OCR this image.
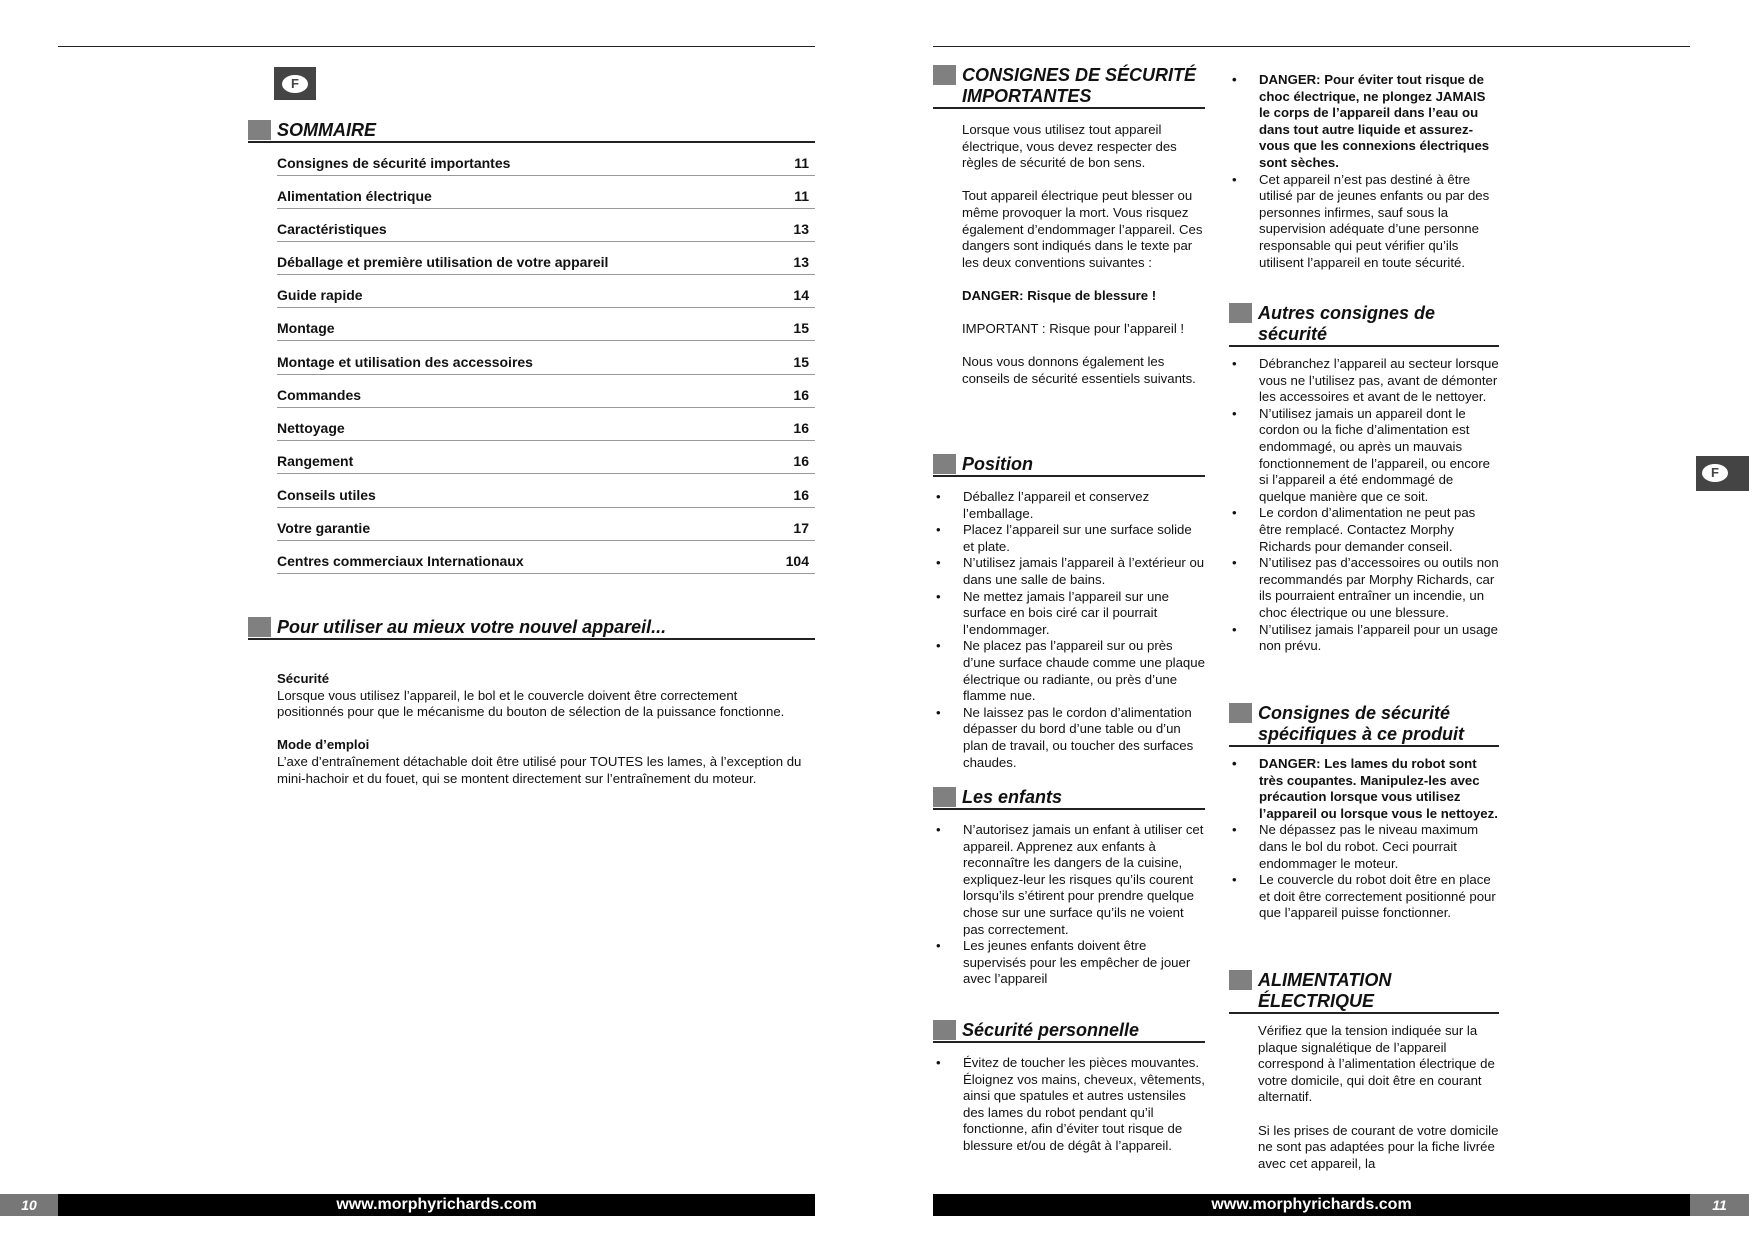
F
SOMMAIRE
Consignes de sécurité importantes	11
Alimentation électrique	11
Caractéristiques	13
Déballage et première utilisation de votre appareil	13
Guide rapide	14
Montage	15
Montage et utilisation des accessoires	15
Commandes	16
Nettoyage	16
Rangement	16
Conseils utiles	16
Votre garantie	17
Centres commerciaux Internationaux	104
Pour utiliser au mieux votre nouvel appareil...

Sécurité

Lorsque vous utilisez l’appareil, le bol et le couvercle doivent être correctement positionnés pour que le mécanisme du bouton de sélection de la puissance fonctionne.

Mode d’emploi

L’axe d’entraînement détachable doit être utilisé pour TOUTES les lames, à l’exception du mini-hachoir et du fouet, qui se montent directement sur l’entraînement du moteur.

10	www.morphyrichards.com
CONSIGNES DE SÉCURITÉ
IMPORTANTES

Lorsque vous utilisez tout appareil électrique, vous devez respecter des règles de sécurité de bon sens.

Tout appareil électrique peut blesser ou même provoquer la mort. Vous risquez également d’endommager l’appareil. Ces dangers sont indiqués dans le texte par les deux conventions suivantes :

DANGER: Risque de blessure !

IMPORTANT : Risque pour l’appareil !

Nous vous donnons également les conseils de sécurité essentiels suivants.

Position
• Déballez l’appareil et conservez l’emballage.
• Placez l’appareil sur une surface solide et plate.
• N’utilisez jamais l’appareil à l’extérieur ou dans une salle de bains.
• Ne mettez jamais l’appareil sur une surface en bois ciré car il pourrait l’endommager.
• Ne placez pas l’appareil sur ou près d’une surface chaude comme une plaque électrique ou radiante, ou près d’une flamme nue.
• Ne laissez pas le cordon d’alimentation dépasser du bord d’une table ou d’un plan de travail, ou toucher des surfaces chaudes.
Les enfants
• N’autorisez jamais un enfant à utiliser cet appareil. Apprenez aux enfants à reconnaître les dangers de la cuisine, expliquez-leur les risques qu’ils courent lorsqu’ils s’étirent pour prendre quelque chose sur une surface qu’ils ne voient pas correctement.
• Les jeunes enfants doivent être supervisés pour les empêcher de jouer avec l’appareil
Sécurité personnelle
• Évitez de toucher les pièces mouvantes. Éloignez vos mains, cheveux, vêtements, ainsi que spatules et autres ustensiles des lames du robot pendant qu’il fonctionne, afin d’éviter tout risque de blessure et/ou de dégât à l’appareil.
• DANGER: Pour éviter tout risque de choc électrique, ne plongez JAMAIS le corps de l’appareil dans l’eau ou dans tout autre liquide et assurez-vous que les connexions électriques sont sèches.
• Cet appareil n’est pas destiné à être utilisé par de jeunes enfants ou par des personnes infirmes, sauf sous la supervision adéquate d’une personne responsable qui peut vérifier qu’ils utilisent l’appareil en toute sécurité.
Autres consignes de
sécurité
• Débranchez l’appareil au secteur lorsque vous ne l’utilisez pas, avant de démonter les accessoires et avant de le nettoyer.
• N’utilisez jamais un appareil dont le cordon ou la fiche d’alimentation est endommagé, ou après un mauvais fonctionnement de l’appareil, ou encore si l’appareil a été endommagé de quelque manière que ce soit.
• Le cordon d’alimentation ne peut pas être remplacé. Contactez Morphy Richards pour demander conseil.
• N’utilisez pas d’accessoires ou outils non recommandés par Morphy Richards, car ils pourraient entraîner un incendie, un choc électrique ou une blessure.
• N’utilisez jamais l’appareil pour un usage non prévu.
Consignes de sécurité
spécifiques à ce produit
• DANGER: Les lames du robot sont très coupantes. Manipulez-les avec précaution lorsque vous utilisez l’appareil ou lorsque vous le nettoyez.
• Ne dépassez pas le niveau maximum dans le bol du robot. Ceci pourrait endommager le moteur.
• Le couvercle du robot doit être en place et doit être correctement positionné pour que l’appareil puisse fonctionner.
ALIMENTATION
ÉLECTRIQUE

Vérifiez que la tension indiquée sur la plaque signalétique de l’appareil correspond à l’alimentation électrique de votre domicile, qui doit être en courant alternatif.

Si les prises de courant de votre domicile ne sont pas adaptées pour la fiche livrée avec cet appareil, la

F
www.morphyrichards.com	11
